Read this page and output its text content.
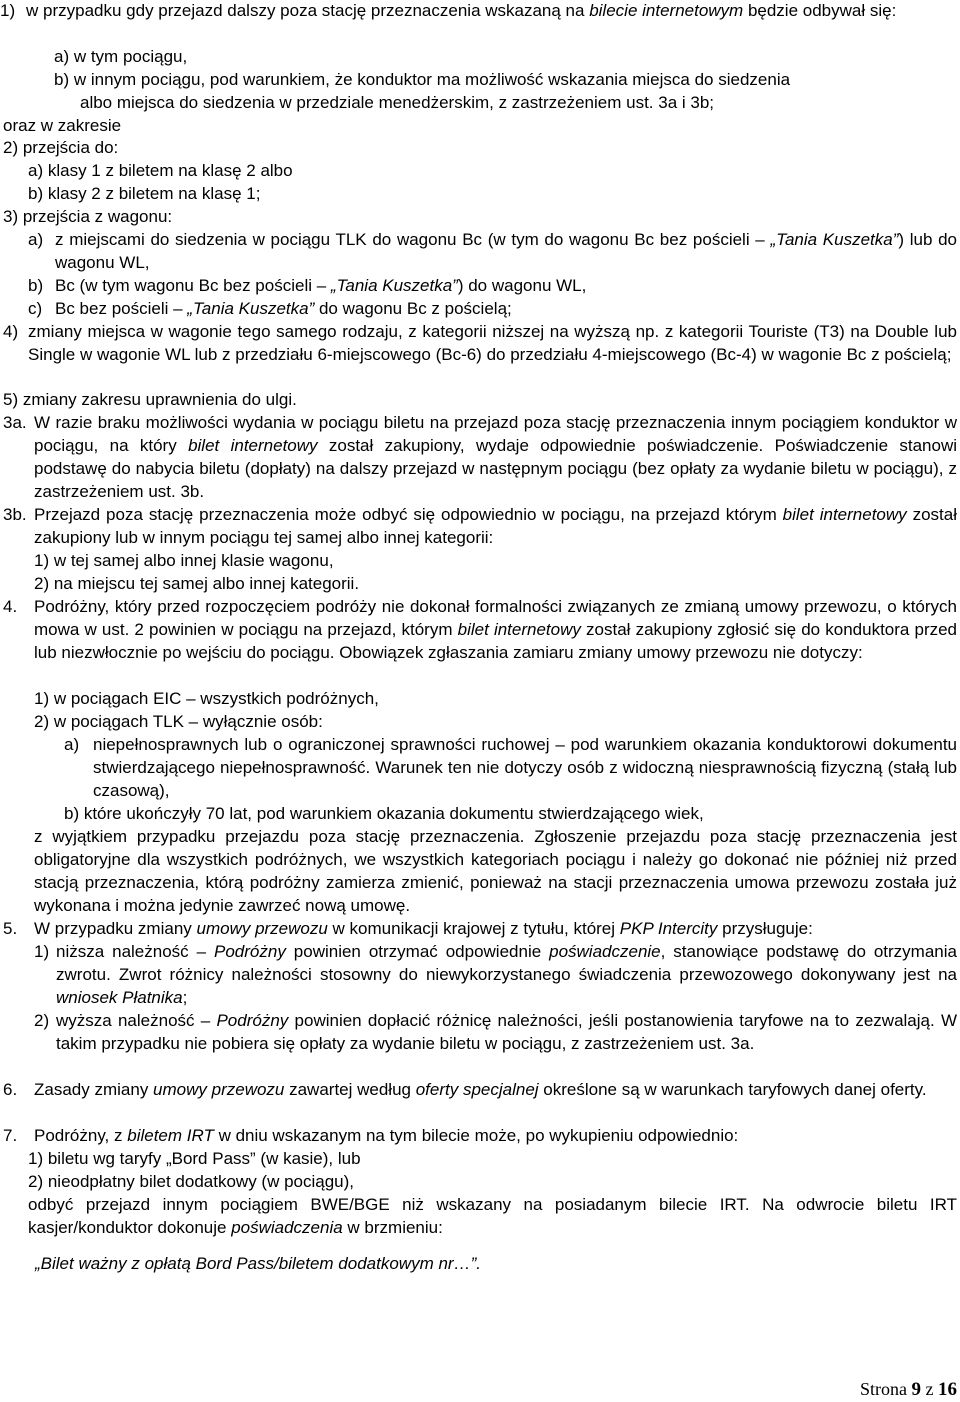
1) w przypadku gdy przejazd dalszy poza stację przeznaczenia wskazaną na bilecie internetowym będzie odbywał się:
a) w tym pociągu,
b) w innym pociągu, pod warunkiem, że konduktor ma możliwość wskazania miejsca do siedzenia
albo miejsca do siedzenia w przedziale menedżerskim, z zastrzeżeniem ust. 3a i 3b;
oraz w zakresie
2) przejścia do:
a) klasy 1 z biletem na klasę 2 albo
b) klasy 2 z biletem na klasę 1;
3) przejścia z wagonu:
a) z miejscami do siedzenia w pociągu TLK do wagonu Bc (w tym do wagonu Bc bez pościeli – „Tania Kuszetka”) lub do wagonu WL,
b) Bc (w tym wagonu Bc bez pościeli – „Tania Kuszetka”) do wagonu WL,
c) Bc bez pościeli – „Tania Kuszetka” do wagonu Bc z pościelą;
4) zmiany miejsca w wagonie tego samego rodzaju, z kategorii niższej na wyższą np. z kategorii Touriste (T3) na Double lub Single w wagonie WL lub z przedziału 6-miejscowego (Bc-6) do przedziału 4-miejscowego (Bc-4) w wagonie Bc z pościelą;
5) zmiany zakresu uprawnienia do ulgi.
3a. W razie braku możliwości wydania w pociągu biletu na przejazd poza stację przeznaczenia innym pociągiem konduktor w pociągu, na który bilet internetowy został zakupiony, wydaje odpowiednie poświadczenie. Poświadczenie stanowi podstawę do nabycia biletu (dopłaty) na dalszy przejazd w następnym pociągu (bez opłaty za wydanie biletu w pociągu), z zastrzeżeniem ust. 3b.
3b. Przejazd poza stację przeznaczenia może odbyć się odpowiednio w pociągu, na przejazd którym bilet internetowy został zakupiony lub w innym pociągu tej samej albo innej kategorii:
1) w tej samej albo innej klasie wagonu,
2) na miejscu tej samej albo innej kategorii.
4. Podróżny, który przed rozpoczęciem podróży nie dokonał formalności związanych ze zmianą umowy przewozu, o których mowa w ust. 2 powinien w pociągu na przejazd, którym bilet internetowy został zakupiony zgłosić się do konduktora przed lub niezwłocznie po wejściu do pociągu. Obowiązek zgłaszania zamiaru zmiany umowy przewozu nie dotyczy:
1) w pociągach EIC – wszystkich podróżnych,
2) w pociągach TLK – wyłącznie osób:
a) niepełnosprawnych lub o ograniczonej sprawności ruchowej – pod warunkiem okazania konduktorowi dokumentu stwierdzającego niepełnosprawność. Warunek ten nie dotyczy osób z widoczną niesprawnością fizyczną (stałą lub czasową),
b) które ukończyły 70 lat, pod warunkiem okazania dokumentu stwierdzającego wiek,
z wyjątkiem przypadku przejazdu poza stację przeznaczenia. Zgłoszenie przejazdu poza stację przeznaczenia jest obligatoryjne dla wszystkich podróżnych, we wszystkich kategoriach pociągu i należy go dokonać nie później niż przed stacją przeznaczenia, którą podróżny zamierza zmienić, ponieważ na stacji przeznaczenia umowa przewozu została już wykonana i można jedynie zawrzeć nową umowę.
5. W przypadku zmiany umowy przewozu w komunikacji krajowej z tytułu, której PKP Intercity przysługuje:
1) niższa należność – Podróżny powinien otrzymać odpowiednie poświadczenie, stanowiące podstawę do otrzymania zwrotu. Zwrot różnicy należności stosowny do niewykorzystanego świadczenia przewozowego dokonywany jest na wniosek Płatnika;
2) wyższa należność – Podróżny powinien dopłacić różnicę należności, jeśli postanowienia taryfowe na to zezwalają. W takim przypadku nie pobiera się opłaty za wydanie biletu w pociągu, z zastrzeżeniem ust. 3a.
6. Zasady zmiany umowy przewozu zawartej według oferty specjalnej określone są w warunkach taryfowych danej oferty.
7. Podróżny, z biletem IRT w dniu wskazanym na tym bilecie może, po wykupieniu odpowiednio:
1) biletu wg taryfy „Bord Pass” (w kasie), lub
2) nieodpłatny bilet dodatkowy (w pociągu),
odbyć przejazd innym pociągiem BWE/BGE niż wskazany na posiadanym bilecie IRT. Na odwrocie biletu IRT kasjer/konduktor dokonuje poświadczenia w brzmieniu:
„Bilet ważny z opłatą Bord Pass/biletem dodatkowym nr…”.
Strona 9 z 16
